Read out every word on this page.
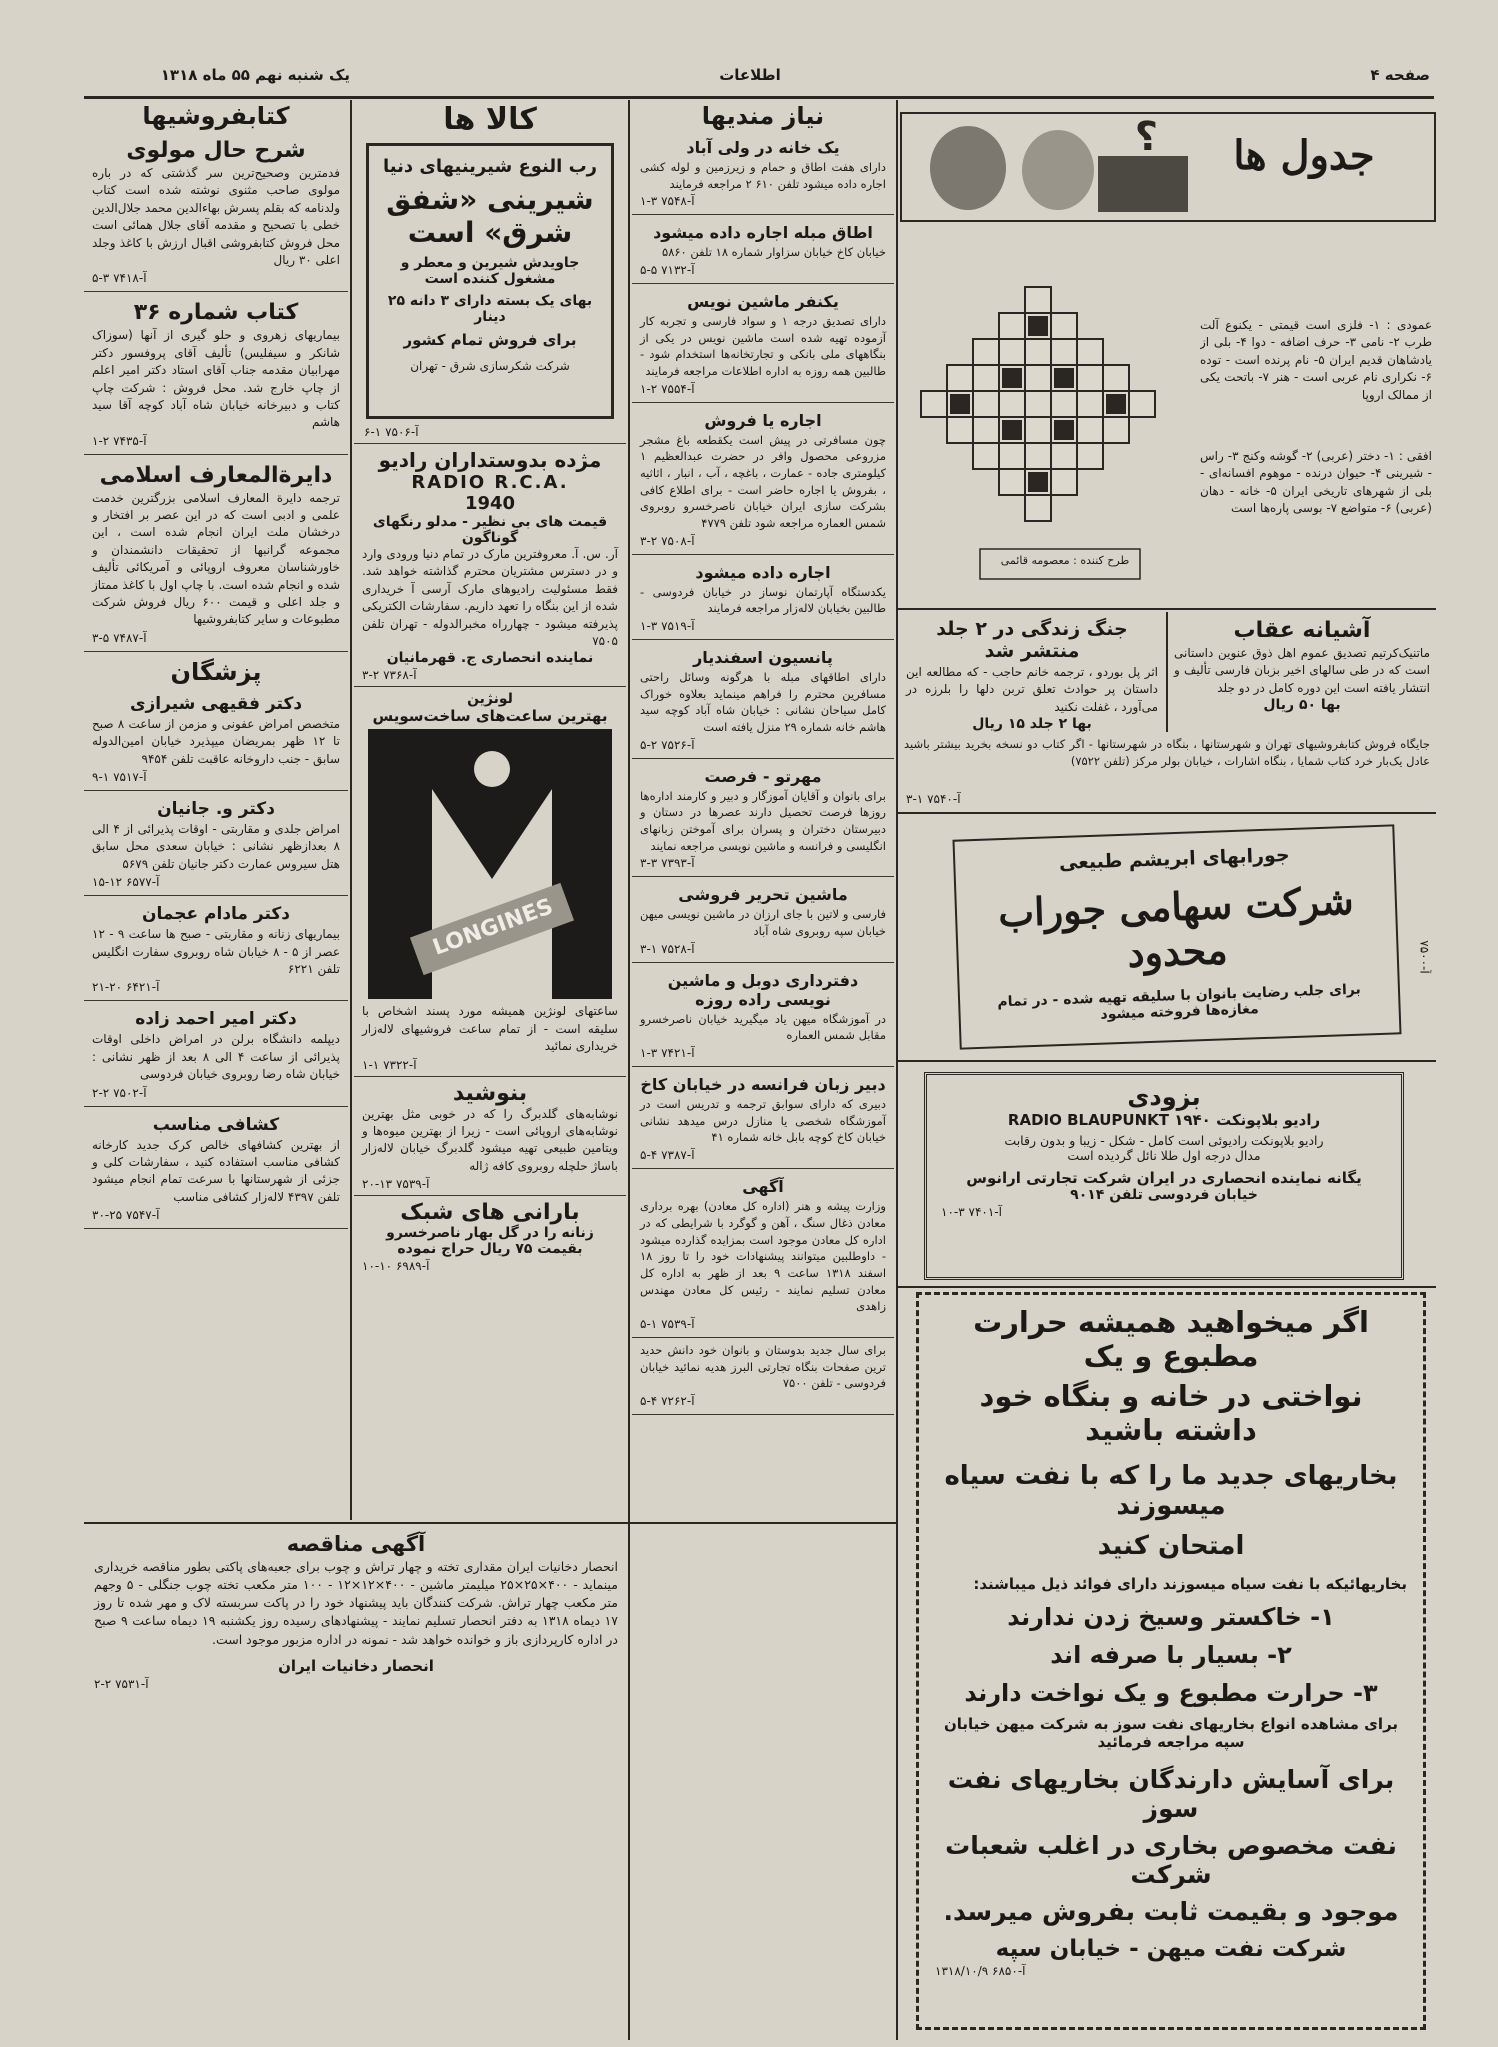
صفحه ۴
اطلاعات
یک شنبه نهم ۵۵ ماه ۱۳۱۸
جدول ها
؟
طرح کننده : معصومه قائمی
عمودی : ۱- فلزی است قیمتی - یکنوع آلت طرب ۲- نامی ۳- حرف اضافه - دوا ۴- بلی از یادشاهان قدیم ایران ۵- نام پرنده است - توده ۶- نکراری نام عربی است - هنر ۷- باتحت یکی از ممالک اروپا
افقی : ۱- دختر (عربی) ۲- گوشه وکنج ۳- راس - شیرینی ۴- حیوان درنده - موهوم افسانه‌ای - بلی از شهرهای تاریخی ایران ۵- خانه - دهان (عربی) ۶- متواضع ۷- بوسی پاره‌ها است
آشیانه عقاب
ماتنیک‌کرتیم تصدیق عموم اهل ذوق عنوین داستانی است که در طی سالهای اخیر بزبان فارسی تألیف و انتشار یافته است این دوره کامل در دو جلد
بها ۵۰ ریال
جنگ زندگی در ۲ جلد منتشر شد
اثر پل بوردو ، ترجمه خانم حاجب - که مطالعه این داستان پر حوادث تعلق تربن دلها را بلرزه در می‌آورد ، غفلت نکنید
بها ۲ جلد ۱۵ ریال
جایگاه فروش کتابفروشیهای تهران و شهرستانها ، بنگاه در شهرستانها - اگر کتاب دو نسخه بخرید بیشتر باشید عادل یک‌بار خرد کتاب شمایا ، بنگاه اشارات ، خیابان بولر مرکز (تلفن ۷۵۲۲)
آ-۷۵۴۰ ۱-۳
جورابهای ابریشم طبیعی
شرکت سهامی جوراب محدود
برای جلب رضایت بانوان با سلیقه تهیه شده - در تمام مغازه‌ها فروخته میشود
آ-۷۵۰۰
بزودی
رادیو بلاپونکت ۱۹۴۰ RADIO BLAUPUNKT
رادیو بلاپونکت رادیوئی است کامل - شکل - زیبا و بدون رقابت
مدال درجه اول طلا نائل گردیده است
یگانه نماینده انحصاری در ایران شرکت تجارتی ارانوس
خیابان فردوسی تلفن ۹۰۱۴
آ-۷۴۰۱ ۳-۱۰
اگر میخواهید همیشه حرارت مطبوع و یک
نواختی در خانه و بنگاه خود داشته باشید
بخاریهای جدید ما را که با نفت سیاه میسوزند
امتحان کنید
بخاریهائیکه با نفت سیاه میسوزند دارای فوائد ذیل میباشند:
۱- خاکستر وسیخ زدن ندارند
۲- بسیار با صرفه اند
۳- حرارت مطبوع و یک نواخت دارند
برای مشاهده انواع بخاریهای نفت سوز به شرکت میهن خیابان سپه مراجعه فرمائید
برای آسایش دارندگان بخاریهای نفت سوز
نفت مخصوص بخاری در اغلب شعبات شرکت
موجود و بقیمت ثابت بفروش میرسد.
شرکت نفت میهن - خیابان سپه
۱۳۱۸/۱۰/۹ آ-۶۸۵۰
نیاز مندیها
یک خانه در ولی آباد
دارای هفت اطاق و حمام و زیرزمین و لوله کشی اجاره داده میشود تلفن ۶۱۰ ۲ مراجعه فرمایند
آ-۷۵۴۸ ۳-۱
اطاق مبله اجاره داده میشود
خیابان کاخ خیابان سزاوار شماره ۱۸ تلفن ۵۸۶۰
آ-۷۱۳۲ ۵-۵
یکنفر ماشین نویس
دارای تصدیق درجه ۱ و سواد فارسی و تجربه کار آزموده تهیه شده است ماشین نویس در یکی از بنگاههای ملی بانکی و تجارتخانه‌ها استخدام شود - طالبین همه روزه به اداره اطلاعات مراجعه فرمایند
آ-۷۵۵۴ ۲-۱
اجاره یا فروش
چون مسافرتی در پیش است یکقطعه باغ مشجر مزروعی محصول وافر در حضرت عبدالعظیم ۱ کیلومتری جاده - عمارت ، باغچه ، آب ، انبار ، اثاثیه ، بفروش یا اجاره حاضر است - برای اطلاع کافی بشرکت سازی ایران خیابان ناصرخسرو روبروی شمس العماره مراجعه شود تلفن ۴۷۷۹
آ-۷۵۰۸ ۲-۳
اجاره داده میشود
یکدستگاه آپارتمان نوساز در خیابان فردوسی - طالبین بخیابان لاله‌زار مراجعه فرمایند
آ-۷۵۱۹ ۳-۱
پانسیون اسفندیار
دارای اطاقهای مبله با هرگونه وسائل راحتی مسافرین محترم را فراهم مینماید بعلاوه خوراک کامل سیاحان نشانی : خیابان شاه آباد کوچه سید هاشم خانه شماره ۲۹ منزل یافته است
آ-۷۵۲۶ ۲-۵
مهرتو - فرصت
برای بانوان و آقایان آموزگار و دبیر و کارمند اداره‌ها روزها فرصت تحصیل دارند عصرها در دستان و دبیرستان دختران و پسران برای آموختن زبانهای انگلیسی و فرانسه و ماشین نویسی مراجعه نمایند
آ-۷۳۹۳ ۳-۳
ماشین تحریر فروشی
فارسی و لاتین با جای ارزان در ماشین نویسی میهن خیابان سپه روبروی شاه آباد
آ-۷۵۲۸ ۱-۳
دفترداری دوبل و ماشین نویسی راده روزه
در آموزشگاه میهن یاد میگیرید خیابان ناصرخسرو مقابل شمس العماره
آ-۷۴۲۱ ۳-۱
دبیر زبان فرانسه در خیابان کاخ
دبیری که دارای سوابق ترجمه و تدریس است در آموزشگاه شخصی یا منازل درس میدهد نشانی خیابان کاخ کوچه بابل خانه شماره ۴۱
آ-۷۳۸۷ ۴-۵
آگهی
وزارت پیشه و هنر (اداره کل معادن) بهره برداری معادن ذغال سنگ ، آهن و گوگرد با شرایطی که در اداره کل معادن موجود است بمزایده گذارده میشود - داوطلبین میتوانند پیشنهادات خود را تا روز ۱۸ اسفند ۱۳۱۸ ساعت ۹ بعد از ظهر به اداره کل معادن تسلیم نمایند - رئیس کل معادن مهندس زاهدی
آ-۷۵۳۹ ۱-۵
برای سال جدید بدوستان و بانوان خود دانش حدید ترین صفحات بنگاه تجارتی البرز هدیه نمائید خیابان فردوسی - تلفن ۷۵۰۰
آ-۷۲۶۲ ۴-۵
کالا ها
رب النوع شیرینیهای دنیا
شیرینی «شفق شرق» است
جاویدش شیرین و معطر و مشغول کننده است
بهای یک بسته دارای ۳ دانه ۲۵ دینار
برای فروش تمام کشور
شرکت شکرسازی شرق - تهران
آ-۷۵۰۶ ۱-۶
مژده بدوستداران رادیو
RADIO R.C.A.
1940
قیمت های بی نظیر - مدلو رنگهای گوناگون
آر. س. آ. معروفترین مارک در تمام دنیا ورودی وارد و در دسترس مشتریان محترم گذاشته خواهد شد. فقط مسئولیت رادیوهای مارک آرسی آ خریداری شده از این بنگاه را تعهد داریم. سفارشات الکتریکی پذیرفته میشود - چهارراه مخبرالدوله - تهران تلفن ۷۵۰۵
نماینده انحصاری ج. قهرمانیان
آ-۷۳۶۸ ۲-۳
لونژین
بهترین ساعت‌های ساخت‌سویس
LONGINES
ساعتهای لونژین همیشه مورد پسند اشخاص با سلیقه است - از تمام ساعت فروشیهای لاله‌زار خریداری نمائید
آ-۷۳۲۲ ۱-۱
بنوشید
نوشابه‌های گلدبرگ را که در خوبی مثل بهترین نوشابه‌های اروپائی است - زیرا از بهترین میوه‌ها و ویتامین طبیعی تهیه میشود گلدبرگ خیابان لاله‌زار باساژ حلچله روبروی کافه ژاله
آ-۷۵۳۹ ۱۳-۲۰
بارانی های شبک
زنانه را در گل بهار ناصرخسرو بقیمت ۷۵ ریال حراج نموده
آ-۶۹۸۹ ۱۰-۱۰
کتابفروشیها
شرح حال مولوی
فدمترین وصحیح‌ترین سر گذشتی که در باره مولوی صاحب مثنوی نوشته شده است کتاب ولدنامه که بقلم پسرش بهاءالدین محمد جلال‌الدین خطی با تصحیح و مقدمه آقای جلال همائی است محل فروش کتابفروشی اقبال ارزش با کاغذ وجلد اعلی ۳۰ ریال
آ-۷۴۱۸ ۳-۵
کتاب شماره ۳۶
بیماریهای زهروی و حلو گیری از آنها (سوزاک شانکر و سیفلیس) تألیف آقای پروفسور دکتر مهرابیان مقدمه جناب آقای استاد دکتر امیر اعلم از چاپ خارج شد. محل فروش : شرکت چاپ کتاب و دبیرخانه خیابان شاه آباد کوچه آقا سید هاشم
آ-۷۴۳۵ ۲-۱
دایرةالمعارف اسلامی
ترجمه دایرة المعارف اسلامی بزرگترین خدمت علمی و ادبی است که در این عصر بر افتخار و درخشان ملت ایران انجام شده است ، این مجموعه گرانبها از تحقیقات دانشمندان و خاورشناسان معروف اروپائی و آمریکائی تألیف شده و انجام شده است. با چاپ اول با کاغذ ممتاز و جلد اعلی و قیمت ۶۰۰ ریال فروش شرکت مطبوعات و سایر کتابفروشیها
آ-۷۴۸۷ ۵-۳
پزشگان
دکتر فقیهی شیرازی
متخصص امراض عفونی و مزمن از ساعت ۸ صبح تا ۱۲ ظهر بمریضان میپذیرد خیابان امین‌الدوله سابق - جنب داروخانه عاقبت تلفن ۹۴۵۴
آ-۷۵۱۷ ۱-۹
دکتر و. جانیان
امراض جلدی و مقاربتی - اوقات پذیرائی از ۴ الی ۸ بعدازظهر نشانی : خیابان سعدی محل سابق هتل سیروس عمارت دکتر جانیان تلفن ۵۶۷۹
آ-۶۵۷۷ ۱۲-۱۵
دکتر مادام عجمان
بیماریهای زنانه و مقاربتی - صبح ها ساعت ۹ - ۱۲ عصر از ۵ - ۸ خیابان شاه روبروی سفارت انگلیس تلفن ۶۲۲۱
آ-۶۴۲۱ ۲۰-۲۱
دکتر امیر احمد زاده
دیپلمه دانشگاه برلن در امراض داخلی اوقات پذیرائی از ساعت ۴ الی ۸ بعد از ظهر نشانی : خیابان شاه رضا روبروی خیابان فردوسی
آ-۷۵۰۲ ۲-۲
کشافی مناسب
از بهترین کشافهای خالص کرک جدید کارخانه کشافی مناسب استفاده کنید ، سفارشات کلی و جزئی از شهرستانها با سرعت تمام انجام میشود تلفن ۴۳۹۷ لاله‌زار کشافی مناسب
آ-۷۵۴۷ ۲۵-۳۰
آگهی مناقصه
انحصار دخانیات ایران مقداری تخته و چهار تراش و چوب برای جعبه‌های پاکتی بطور مناقصه خریداری مینماید - ۴۰۰×۲۵×۲۵ میلیمتر ماشین - ۴۰۰×۱۲×۱۲ - ۱۰۰ متر مکعب تخته چوب جنگلی - ۵ وجهم متر مکعب چهار تراش. شرکت کنندگان باید پیشنهاد خود را در پاکت سربسته لاک و مهر شده تا روز ۱۷ دیماه ۱۳۱۸ به دفتر انحصار تسلیم نمایند - پیشنهادهای رسیده روز یکشنبه ۱۹ دیماه ساعت ۹ صبح در اداره کارپردازی باز و خوانده خواهد شد - نمونه در اداره مزبور موجود است.
انحصار دخانیات ایران
آ-۷۵۳۱ ۲-۲
